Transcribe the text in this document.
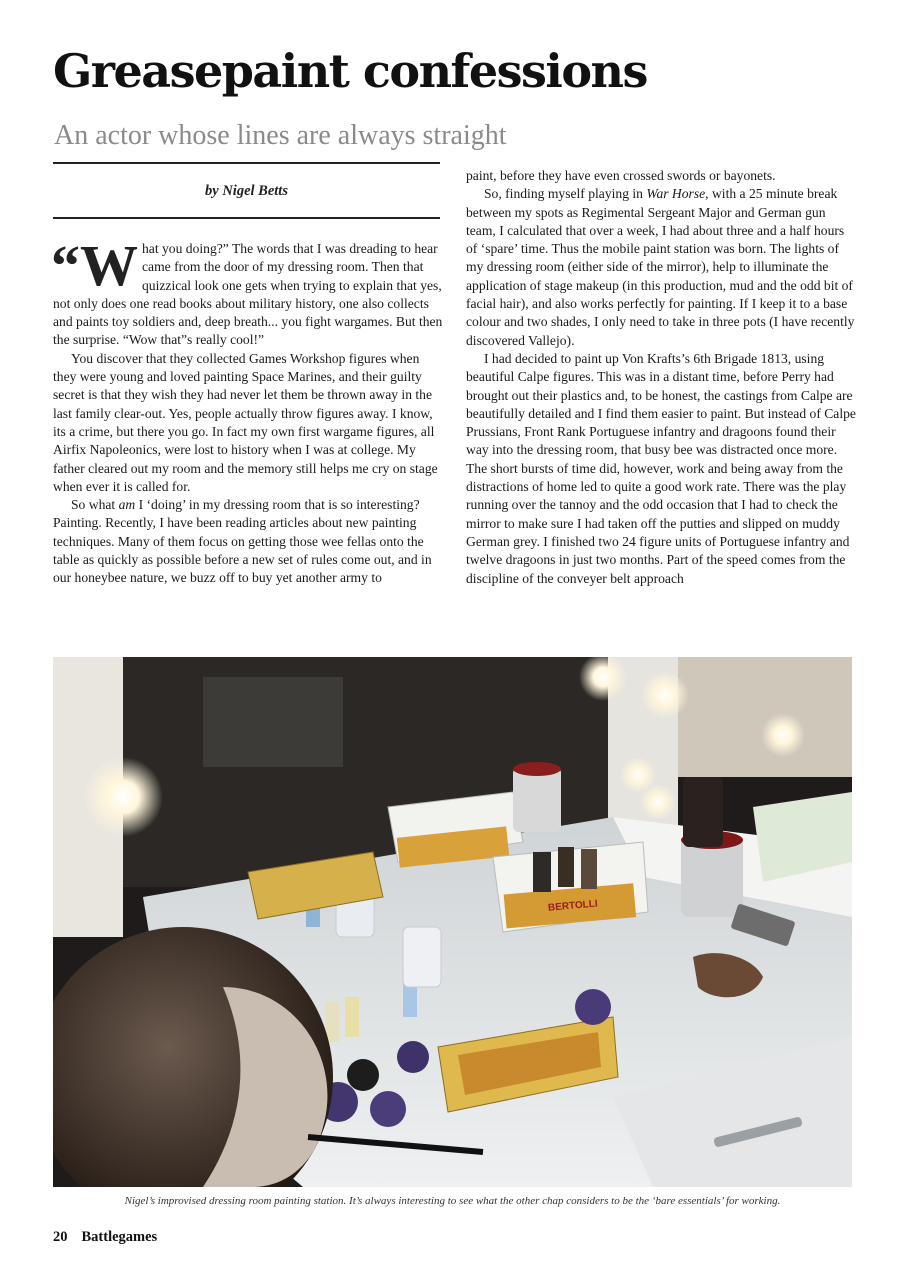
Greasepaint confessions
An actor whose lines are always straight
by Nigel Betts

“What you doing?” The words that I was dreading to hear came from the door of my dressing room. Then that quizzical look one gets when trying to explain that yes, not only does one read books about military history, one also collects and paints toy soldiers and, deep breath... you fight wargames. But then the surprise. “Wow that”s really cool!”

You discover that they collected Games Workshop figures when they were young and loved painting Space Marines, and their guilty secret is that they wish they had never let them be thrown away in the last family clear-out. Yes, people actually throw figures away. I know, its a crime, but there you go. In fact my own first wargame figures, all Airfix Napoleonics, were lost to history when I was at college. My father cleared out my room and the memory still helps me cry on stage when ever it is called for.

So what am I ‘doing’ in my dressing room that is so interesting? Painting. Recently, I have been reading articles about new painting techniques. Many of them focus on getting those wee fellas onto the table as quickly as possible before a new set of rules come out, and in our honeybee nature, we buzz off to buy yet another army to

paint, before they have even crossed swords or bayonets.

So, finding myself playing in War Horse, with a 25 minute break between my spots as Regimental Sergeant Major and German gun team, I calculated that over a week, I had about three and a half hours of ‘spare’ time. Thus the mobile paint station was born. The lights of my dressing room (either side of the mirror), help to illuminate the application of stage makeup (in this production, mud and the odd bit of facial hair), and also works perfectly for painting. If I keep it to a base colour and two shades, I only need to take in three pots (I have recently discovered Vallejo).

I had decided to paint up Von Krafts’s 6th Brigade 1813, using beautiful Calpe figures. This was in a distant time, before Perry had brought out their plastics and, to be honest, the castings from Calpe are beautifully detailed and I find them easier to paint. But instead of Calpe Prussians, Front Rank Portuguese infantry and dragoons found their way into the dressing room, that busy bee was distracted once more. The short bursts of time did, however, work and being away from the distractions of home led to quite a good work rate. There was the play running over the tannoy and the odd occasion that I had to check the mirror to make sure I had taken off the putties and slipped on muddy German grey. I finished two 24 figure units of Portuguese infantry and twelve dragoons in just two months. Part of the speed comes from the discipline of the conveyer belt approach

BERTOLLI
Nigel’s improvised dressing room painting station. It’s always interesting to see what the other chap considers to be the ‘bare essentials’ for working.
20 Battlegames
